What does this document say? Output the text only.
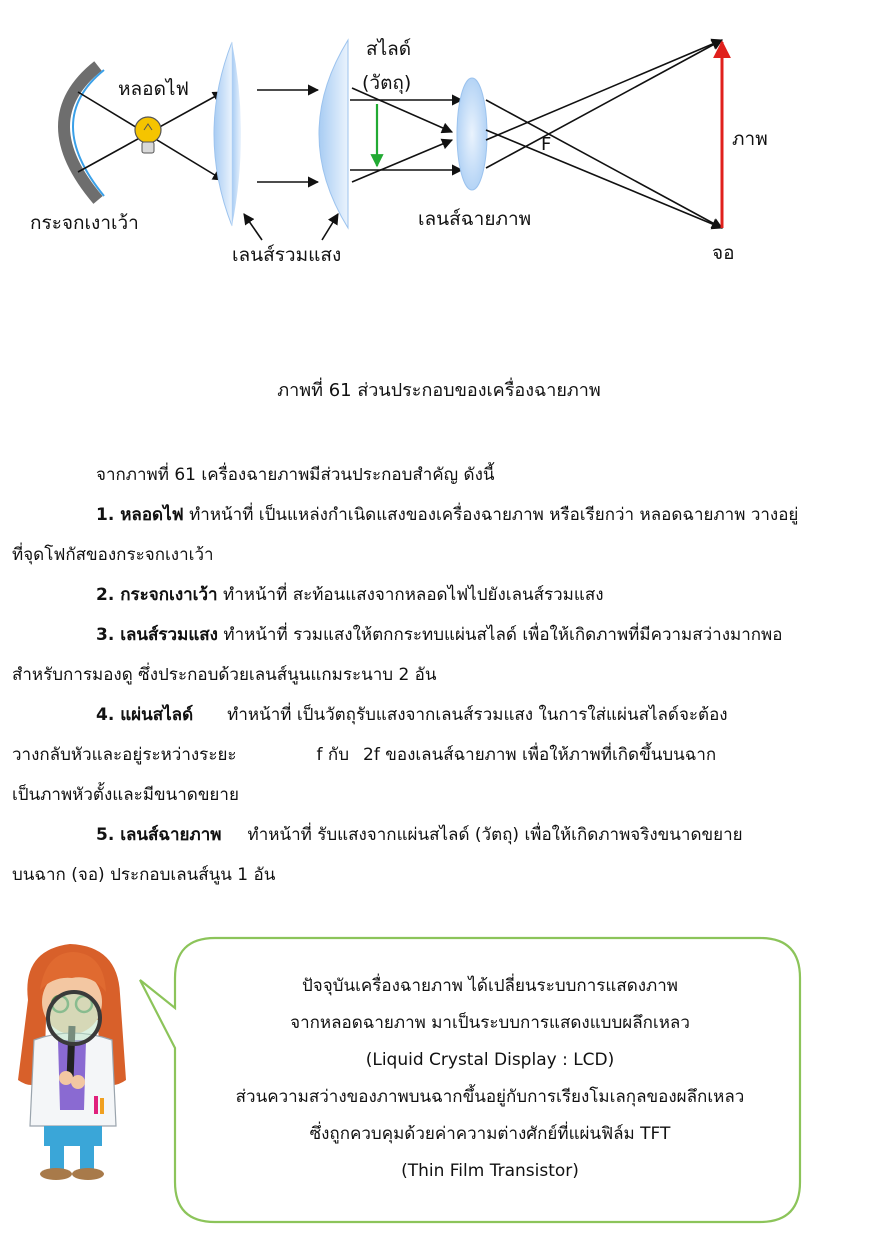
หลอดไฟ
กระจกเงาเว้า
เลนส์รวมแสง
สไลด์
(วัตถุ)
เลนส์ฉายภาพ
F	ภาพ
จอ
ภาพที่ 61 ส่วนประกอบของเครื่องฉายภาพ
จากภาพที่ 61 เครื่องฉายภาพมีส่วนประกอบสำคัญ ดังนี้
1. หลอดไฟ ทำหน้าที่ เป็นแหล่งกำเนิดแสงของเครื่องฉายภาพ หรือเรียกว่า หลอดฉายภาพ วางอยู่
ที่จุดโฟกัสของกระจกเงาเว้า
2. กระจกเงาเว้า ทำหน้าที่ สะท้อนแสงจากหลอดไฟไปยังเลนส์รวมแสง
3. เลนส์รวมแสง ทำหน้าที่ รวมแสงให้ตกกระทบแผ่นสไลด์ เพื่อให้เกิดภาพที่มีความสว่างมากพอ
สำหรับการมองดู ซึ่งประกอบด้วยเลนส์นูนแกมระนาบ 2 อัน
4. แผ่นสไลด์ ทำหน้าที่ เป็นวัตถุรับแสงจากเลนส์รวมแสง ในการใส่แผ่นสไลด์จะต้อง
วางกลับหัวและอยู่ระหว่างระยะ	f กับ 2f ของเลนส์ฉายภาพ เพื่อให้ภาพที่เกิดขึ้นบนฉาก
เป็นภาพหัวตั้งและมีขนาดขยาย
5. เลนส์ฉายภาพ ทำหน้าที่ รับแสงจากแผ่นสไลด์ (วัตถุ) เพื่อให้เกิดภาพจริงขนาดขยาย
บนฉาก (จอ) ประกอบเลนส์นูน 1 อัน
ปัจจุบันเครื่องฉายภาพ ได้เปลี่ยนระบบการแสดงภาพ
จากหลอดฉายภาพ มาเป็นระบบการแสดงแบบผลึกเหลว
(Liquid Crystal Display : LCD)
ส่วนความสว่างของภาพบนฉากขึ้นอยู่กับการเรียงโมเลกุลของผลึกเหลว
ซึ่งถูกควบคุมด้วยค่าความต่างศักย์ที่แผ่นฟิล์ม TFT
(Thin Film Transistor)
